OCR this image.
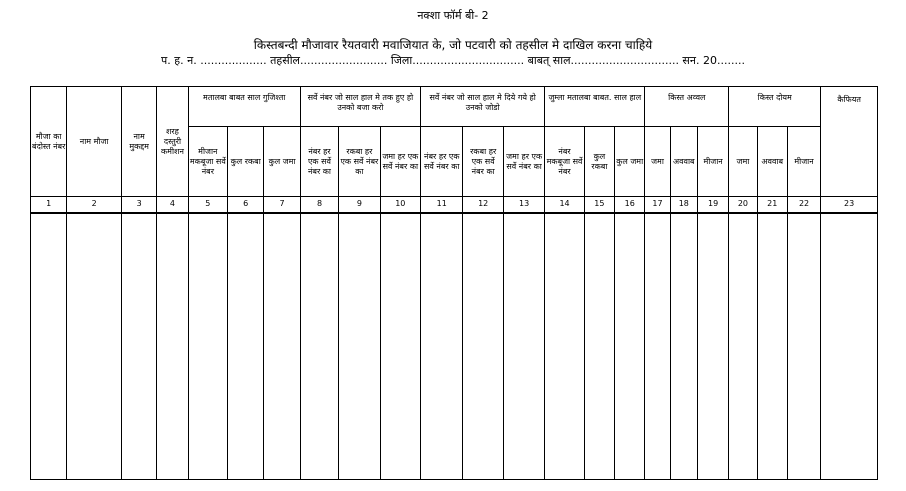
नक्शा फॉर्म बी- 2
किस्तबन्दी मौजावार रैयतवारी मवाजियात के, जो पटवारी को तहसील मे दाखिल करना चाहिये
प. ह. न. ................... तहसील......................... जिला................................ बाबत् साल............................... सन. 20........
मौजा का बंदोस्त नंबर	नाम मौजा	नाम मुकद्दम	शरह दस्तुरी कमीशन	मतालबा बाबत साल गुजिश्ता			सर्वे नंबर जो साल हाल मे तक हुए हो उनको बजा करो			सर्वे नंबर जो साल हाल मे दिये गये हो उनको जोडो			जुम्ला मतालबा बाबत. साल हाल			किस्त अव्वल			किस्त दोयम			कैफियत
				मीजान मकबूजा सर्वे नंबर	कुल रकबा	कुल जमा	नंबर हर एक सर्वे नंबर का	रकबा हर एक सर्वे नंबर का	जमा हर एक सर्वे नंबर का	नंबर हर एक सर्वे नंबर का	रकबा हर एक सर्वे नंबर का	जमा हर एक सर्वे नंबर का	नंबर मकबूजा सर्वे नंबर	कुल रकबा	कुल जमा	जमा	अववाब	मीजान	जमा	अववाब	मीजान	
1	2	3	4	5	6	7	8	9	10	11	12	13	14	15	16	17	18	19	20	21	22	23
